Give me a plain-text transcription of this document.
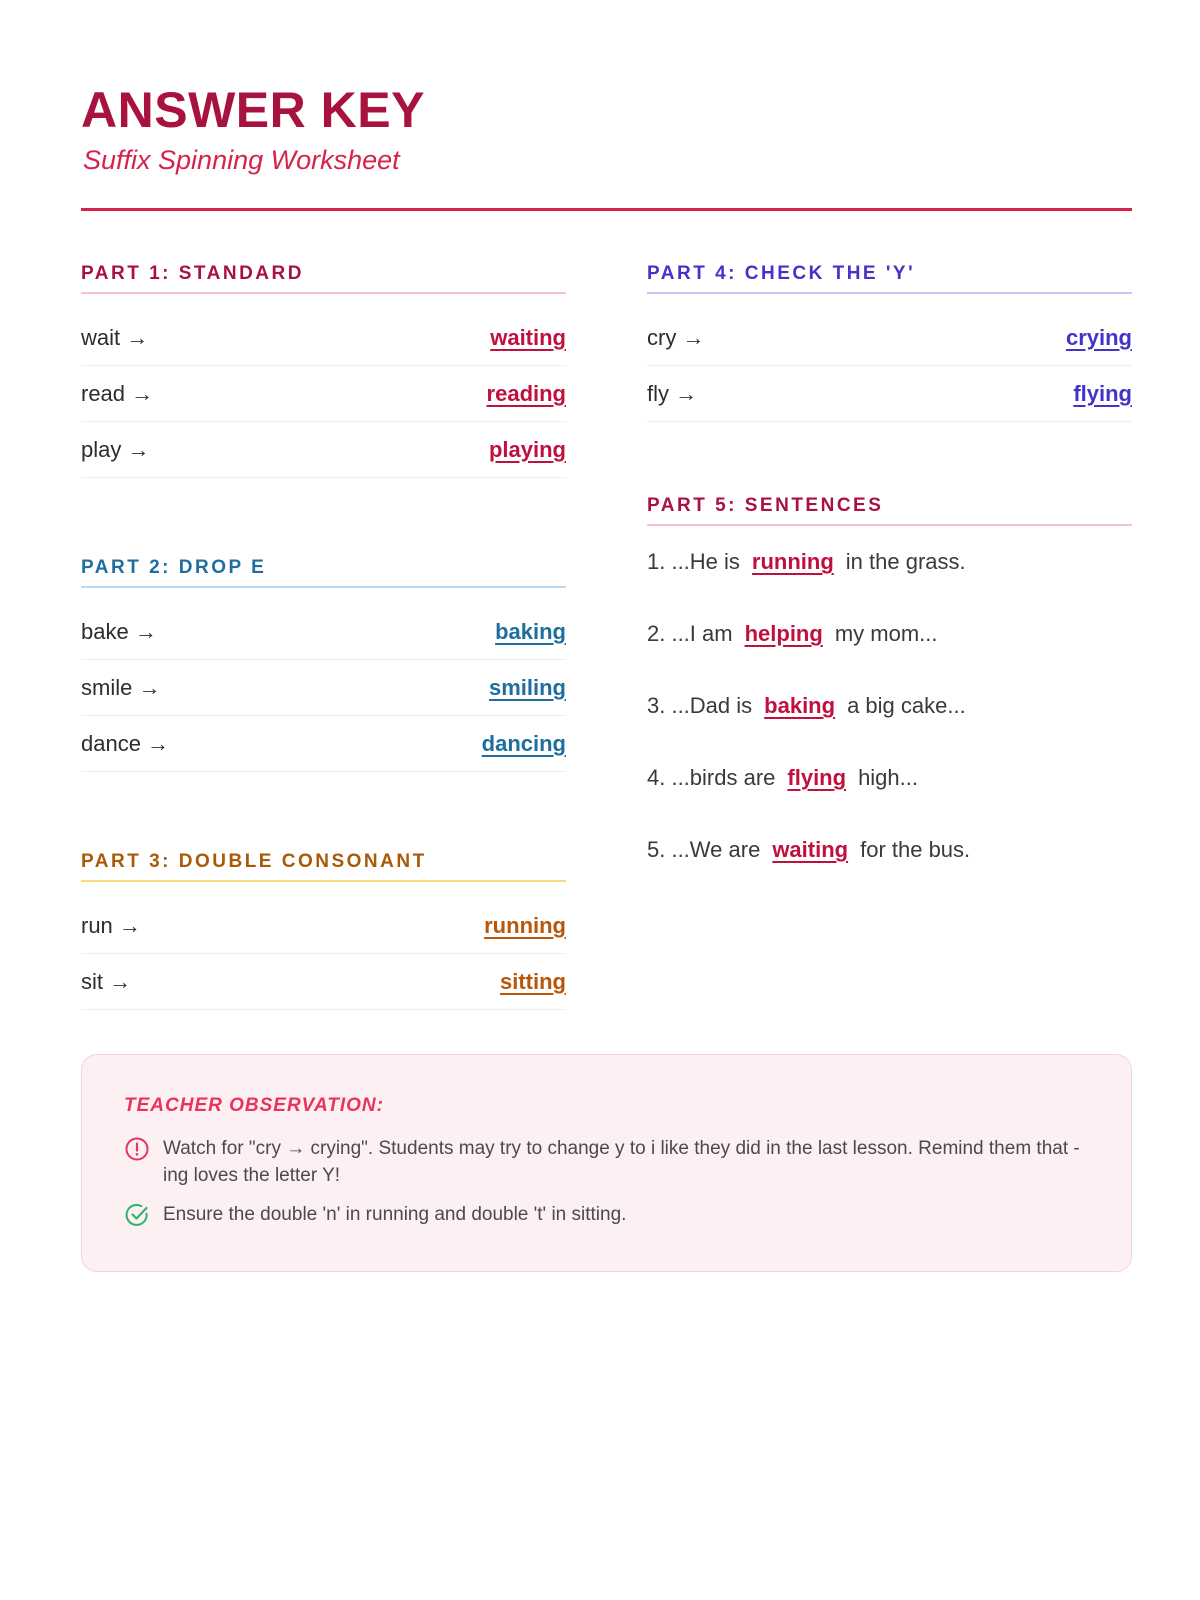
ANSWER KEY
Suffix Spinning Worksheet
PART 1: STANDARD
wait →	waiting
read →	reading
play →	playing
PART 2: DROP E
bake →	baking
smile →	smiling
dance →	dancing
PART 3: DOUBLE CONSONANT
run →	running
sit →	sitting
PART 4: CHECK THE 'Y'
cry →	crying
fly →	flying
PART 5: SENTENCES
1. ...He is running in the grass.
2. ...I am helping my mom...
3. ...Dad is baking a big cake...
4. ...birds are flying high...
5. ...We are waiting for the bus.
TEACHER OBSERVATION:
Watch for "cry → crying". Students may try to change y to i like they did in the last lesson. Remind them that -ing loves the letter Y!
Ensure the double 'n' in running and double 't' in sitting.
